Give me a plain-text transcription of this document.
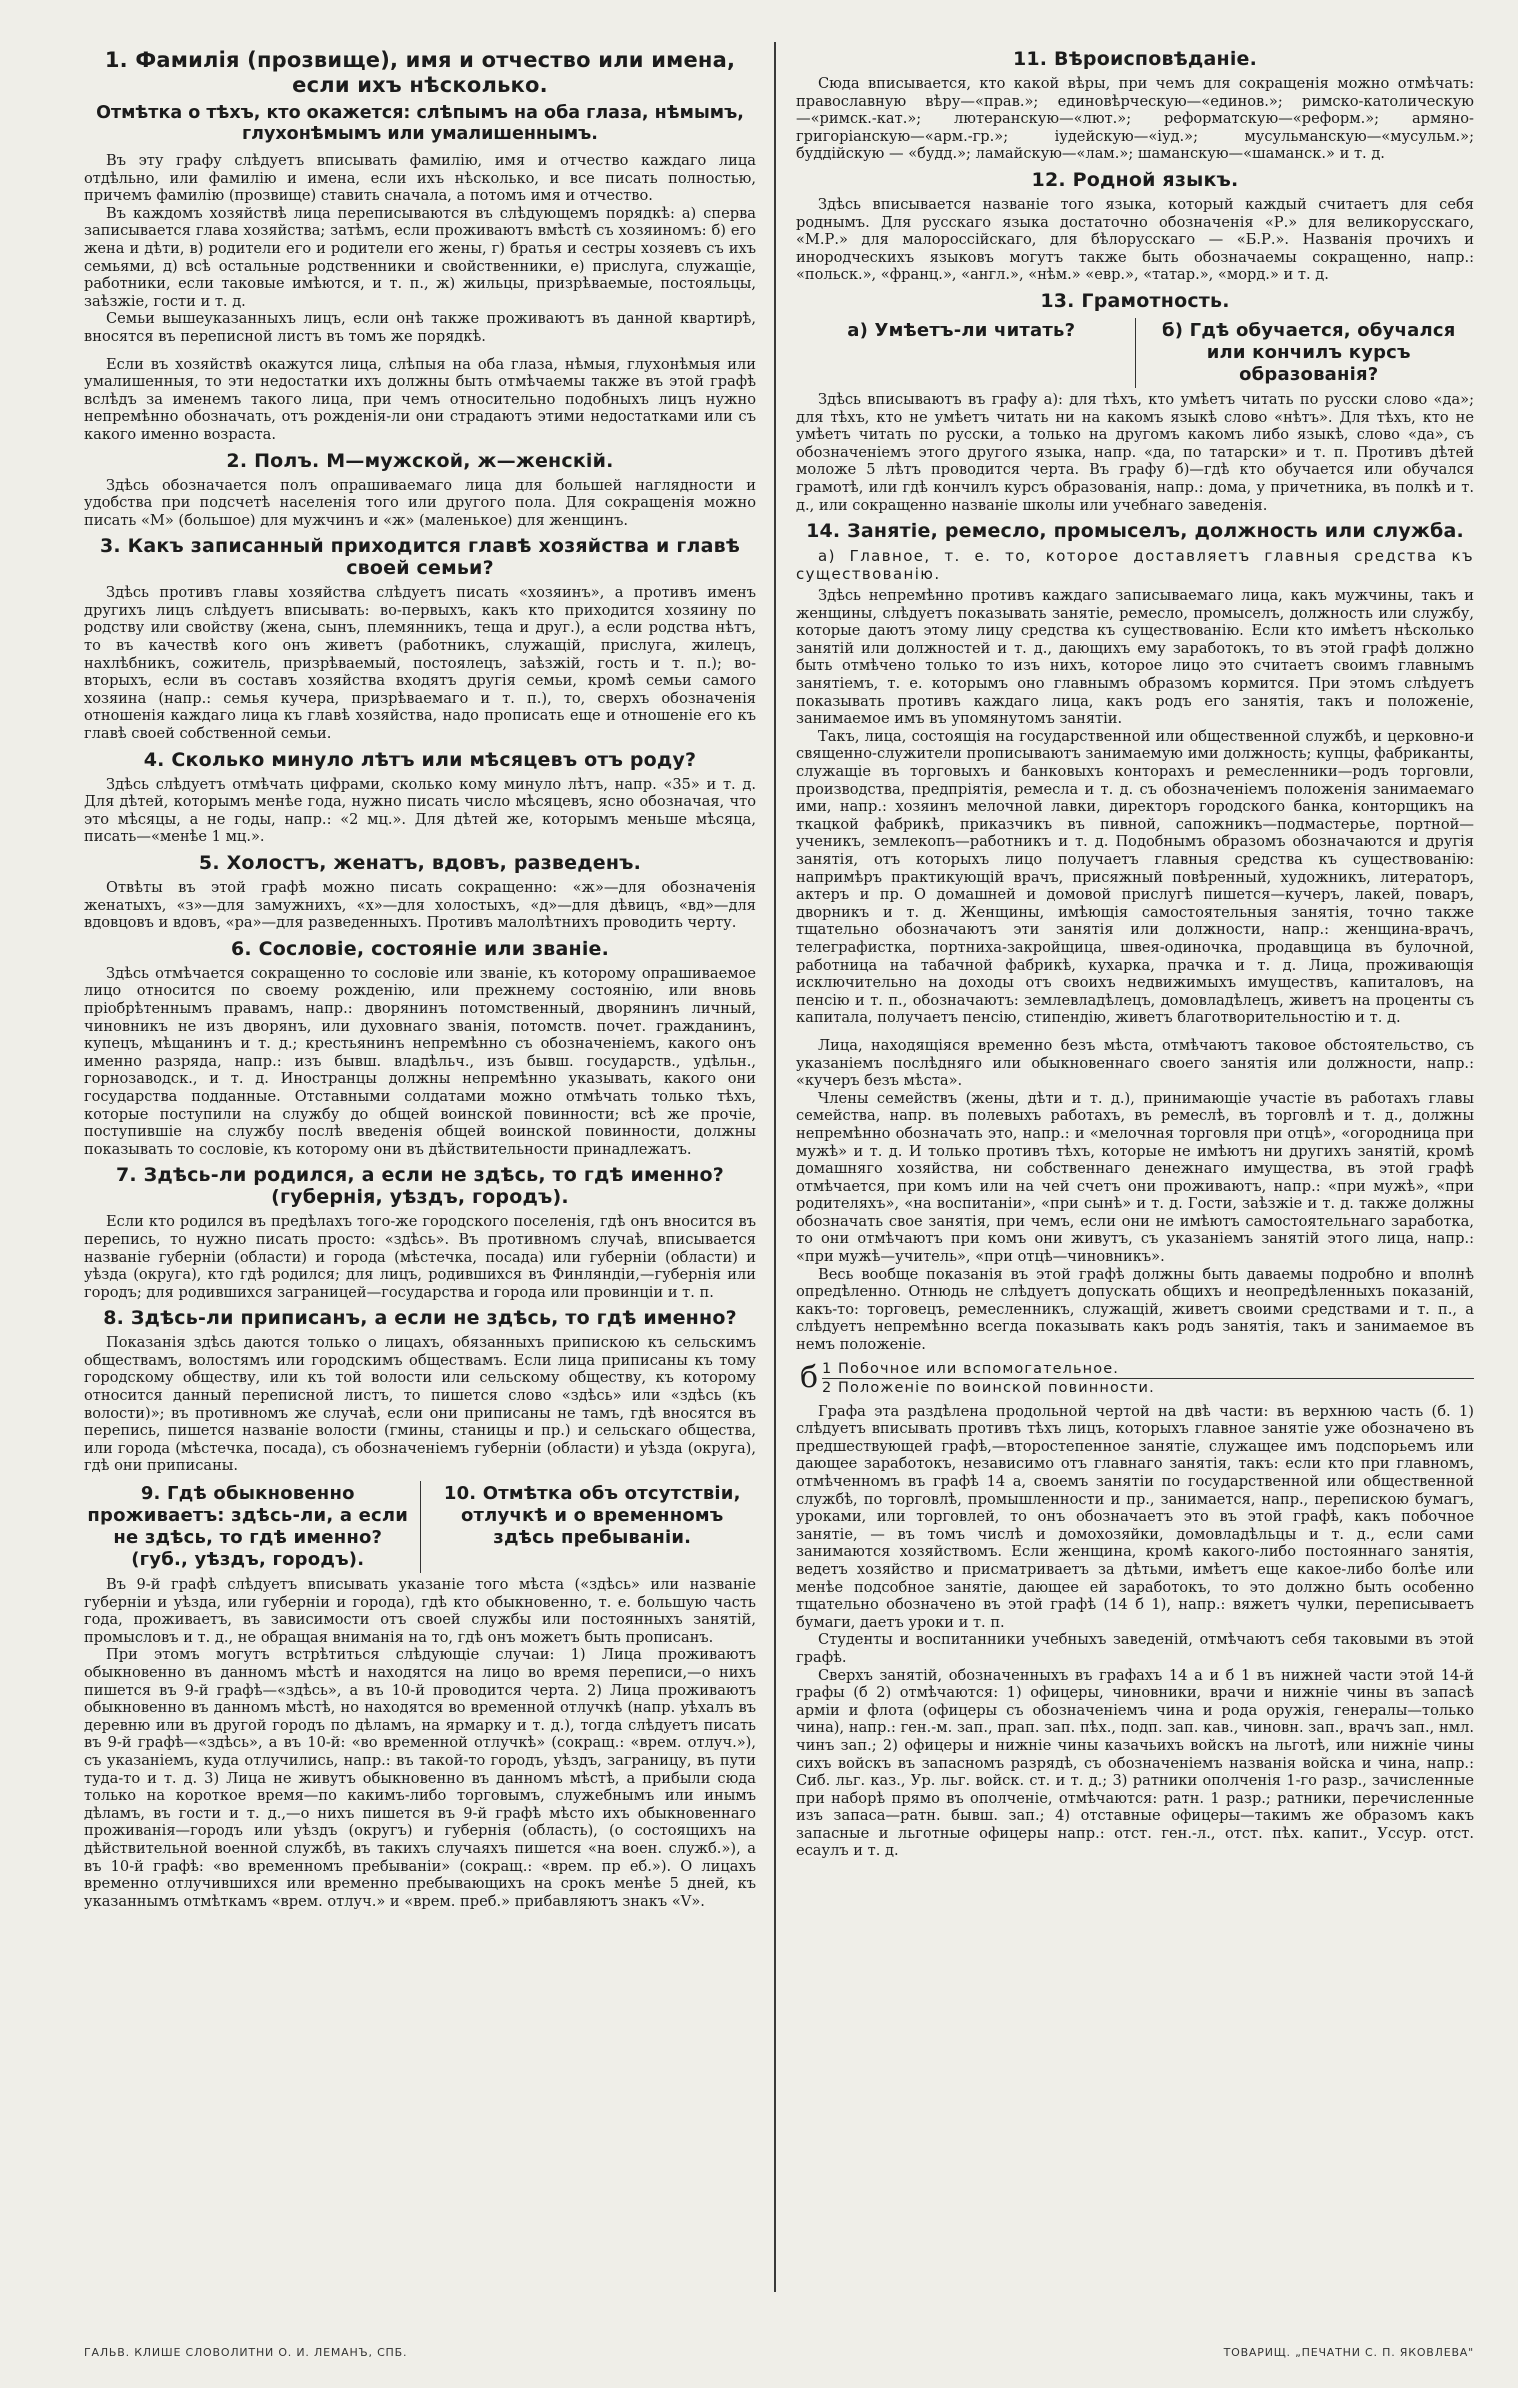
1. Фамилія (прозвище), имя и отчество или имена, если ихъ нѣсколько.
Отмѣтка о тѣхъ, кто окажется: слѣпымъ на оба глаза, нѣмымъ, глухонѣмымъ или умалишеннымъ.

Въ эту графу слѣдуетъ вписывать фамилію, имя и отчество каждаго лица отдѣльно, или фамилію и имена, если ихъ нѣсколько, и все писать полностью, причемъ фамилію (прозвище) ставить сначала, а потомъ имя и отчество.

Въ каждомъ хозяйствѣ лица переписываются въ слѣдующемъ порядкѣ: а) сперва записывается глава хозяйства; затѣмъ, если проживаютъ вмѣстѣ съ хозяиномъ: б) его жена и дѣти, в) родители его и родители его жены, г) братья и сестры хозяевъ съ ихъ семьями, д) всѣ остальные родственники и свойственники, е) прислуга, служащіе, работники, если таковые имѣются, и т. п., ж) жильцы, призрѣваемые, постояльцы, заѣзжіе, гости и т. д.

Семьи вышеуказанныхъ лицъ, если онѣ также проживаютъ въ данной квартирѣ, вносятся въ переписной листъ въ томъ же порядкѣ.

Если въ хозяйствѣ окажутся лица, слѣпыя на оба глаза, нѣмыя, глухонѣмыя или умалишенныя, то эти недостатки ихъ должны быть отмѣчаемы также въ этой графѣ вслѣдъ за именемъ такого лица, при чемъ относительно подобныхъ лицъ нужно непремѣнно обозначать, отъ рожденія-ли они страдаютъ этими недостатками или съ какого именно возраста.

2. Полъ. М—мужской, ж—женскій.

Здѣсь обозначается полъ опрашиваемаго лица для большей наглядности и удобства при подсчетѣ населенія того или другого пола. Для сокращенія можно писать «М» (большое) для мужчинъ и «ж» (маленькое) для женщинъ.

3. Какъ записанный приходится главѣ хозяйства и главѣ своей семьи?

Здѣсь противъ главы хозяйства слѣдуетъ писать «хозяинъ», а противъ именъ другихъ лицъ слѣдуетъ вписывать: во-первыхъ, какъ кто приходится хозяину по родству или свойству (жена, сынъ, племянникъ, теща и друг.), а если родства нѣтъ, то въ качествѣ кого онъ живетъ (работникъ, служащій, прислуга, жилецъ, нахлѣбникъ, сожитель, призрѣваемый, постоялецъ, заѣзжій, гость и т. п.); во-вторыхъ, если въ составъ хозяйства входятъ другія семьи, кромѣ семьи самого хозяина (напр.: семья кучера, призрѣваемаго и т. п.), то, сверхъ обозначенія отношенія каждаго лица къ главѣ хозяйства, надо прописать еще и отношеніе его къ главѣ своей собственной семьи.

4. Сколько минуло лѣтъ или мѣсяцевъ отъ роду?

Здѣсь слѣдуетъ отмѣчать цифрами, сколько кому минуло лѣтъ, напр. «35» и т. д. Для дѣтей, которымъ менѣе года, нужно писать число мѣсяцевъ, ясно обозначая, что это мѣсяцы, а не годы, напр.: «2 мц.». Для дѣтей же, которымъ меньше мѣсяца, писать—«менѣе 1 мц.».

5. Холостъ, женатъ, вдовъ, разведенъ.

Отвѣты въ этой графѣ можно писать сокращенно: «ж»—для обозначенія женатыхъ, «з»—для замужнихъ, «х»—для холостыхъ, «д»—для дѣвицъ, «вд»—для вдовцовъ и вдовъ, «ра»—для разведенныхъ. Противъ малолѣтнихъ проводить черту.

6. Сословіе, состояніе или званіе.

Здѣсь отмѣчается сокращенно то сословіе или званіе, къ которому опрашиваемое лицо относится по своему рожденію, или прежнему состоянію, или вновь пріобрѣтеннымъ правамъ, напр.: дворянинъ потомственный, дворянинъ личный, чиновникъ не изъ дворянъ, или духовнаго званія, потомств. почет. гражданинъ, купецъ, мѣщанинъ и т. д.; крестьянинъ непремѣнно съ обозначеніемъ, какого онъ именно разряда, напр.: изъ бывш. владѣльч., изъ бывш. государств., удѣльн., горнозаводск., и т. д. Иностранцы должны непремѣнно указывать, какого они государства подданные. Отставными солдатами можно отмѣчать только тѣхъ, которые поступили на службу до общей воинской повинности; всѣ же прочіе, поступившіе на службу послѣ введенія общей воинской повинности, должны показывать то сословіе, къ которому они въ дѣйствительности принадлежатъ.

7. Здѣсь-ли родился, а если не здѣсь, то гдѣ именно? (губернія, уѣздъ, городъ).

Если кто родился въ предѣлахъ того-же городского поселенія, гдѣ онъ вносится въ перепись, то нужно писать просто: «здѣсь». Въ противномъ случаѣ, вписывается названіе губерніи (области) и города (мѣстечка, посада) или губерніи (области) и уѣзда (округа), кто гдѣ родился; для лицъ, родившихся въ Финляндіи,—губернія или городъ; для родившихся заграницей—государства и города или провинціи и т. п.

8. Здѣсь-ли приписанъ, а если не здѣсь, то гдѣ именно?

Показанія здѣсь даются только о лицахъ, обязанныхъ припискою къ сельскимъ обществамъ, волостямъ или городскимъ обществамъ. Если лица приписаны къ тому городскому обществу, или къ той волости или сельскому обществу, къ которому относится данный переписной листъ, то пишется слово «здѣсь» или «здѣсь (къ волости)»; въ противномъ же случаѣ, если они приписаны не тамъ, гдѣ вносятся въ перепись, пишется названіе волости (гмины, станицы и пр.) и сельскаго общества, или города (мѣстечка, посада), съ обозначеніемъ губерніи (области) и уѣзда (округа), гдѣ они приписаны.

9. Гдѣ обыкновенно проживаетъ: здѣсь-ли, а если не здѣсь, то гдѣ именно? (губ., уѣздъ, городъ).
10. Отмѣтка объ отсутствіи, отлучкѣ и о временномъ здѣсь пребываніи.

Въ 9-й графѣ слѣдуетъ вписывать указаніе того мѣста («здѣсь» или названіе губерніи и уѣзда, или губерніи и города), гдѣ кто обыкновенно, т. е. большую часть года, проживаетъ, въ зависимости отъ своей службы или постоянныхъ занятій, промысловъ и т. д., не обращая вниманія на то, гдѣ онъ можетъ быть прописанъ.

При этомъ могутъ встрѣтиться слѣдующіе случаи: 1) Лица проживаютъ обыкновенно въ данномъ мѣстѣ и находятся на лицо во время переписи,—о нихъ пишется въ 9-й графѣ—«здѣсь», а въ 10-й проводится черта. 2) Лица проживаютъ обыкновенно въ данномъ мѣстѣ, но находятся во временной отлучкѣ (напр. уѣхалъ въ деревню или въ другой городъ по дѣламъ, на ярмарку и т. д.), тогда слѣдуетъ писать въ 9-й графѣ—«здѣсь», а въ 10-й: «во временной отлучкѣ» (сокращ.: «врем. отлуч.»), съ указаніемъ, куда отлучились, напр.: въ такой-то городъ, уѣздъ, заграницу, въ пути туда-то и т. д. 3) Лица не живутъ обыкновенно въ данномъ мѣстѣ, а прибыли сюда только на короткое время—по какимъ-либо торговымъ, служебнымъ или инымъ дѣламъ, въ гости и т. д.,—о нихъ пишется въ 9-й графѣ мѣсто ихъ обыкновеннаго проживанія—городъ или уѣздъ (округъ) и губернія (область), (о состоящихъ на дѣйствительной военной службѣ, въ такихъ случаяхъ пишется «на воен. служб.»), а въ 10-й графѣ: «во временномъ пребываніи» (сокращ.: «врем. пр еб.»). О лицахъ временно отлучившихся или временно пребывающихъ на срокъ менѣе 5 дней, къ указаннымъ отмѣткамъ «врем. отлуч.» и «врем. преб.» прибавляютъ знакъ «V».

11. Вѣроисповѣданіе.

Сюда вписывается, кто какой вѣры, при чемъ для сокращенія можно отмѣчать: православную вѣру—«прав.»; единовѣрческую—«единов.»; римско-католическую—«римск.-кат.»; лютеранскую—«лют.»; реформатскую—«реформ.»; армяно-григоріанскую—«арм.-гр.»; іудейскую—«іуд.»; мусульманскую—«мусульм.»; буддійскую — «будд.»; ламайскую—«лам.»; шаманскую—«шаманск.» и т. д.

12. Родной языкъ.

Здѣсь вписывается названіе того языка, который каждый считаетъ для себя роднымъ. Для русскаго языка достаточно обозначенія «Р.» для великорусскаго, «М.Р.» для малороссійскаго, для бѣлорусскаго — «Б.Р.». Названія прочихъ и инородческихъ языковъ могутъ также быть обозначаемы сокращенно, напр.: «польск.», «франц.», «англ.», «нѣм.» «евр.», «татар.», «морд.» и т. д.

13. Грамотность.
а) Умѣетъ-ли читать?	б) Гдѣ обучается, обучался или кончилъ курсъ образованія?

Здѣсь вписываютъ въ графу а): для тѣхъ, кто умѣетъ читать по русски слово «да»; для тѣхъ, кто не умѣетъ читать ни на какомъ языкѣ слово «нѣтъ». Для тѣхъ, кто не умѣетъ читать по русски, а только на другомъ какомъ либо языкѣ, слово «да», съ обозначеніемъ этого другого языка, напр. «да, по татарски» и т. п. Противъ дѣтей моложе 5 лѣтъ проводится черта. Въ графу б)—гдѣ кто обучается или обучался грамотѣ, или гдѣ кончилъ курсъ образованія, напр.: дома, у причетника, въ полкѣ и т. д., или сокращенно названіе школы или учебнаго заведенія.

14. Занятіе, ремесло, промыселъ, должность или служба.
а) Главное, т. е. то, которое доставляетъ главныя средства къ существованію.

Здѣсь непремѣнно противъ каждаго записываемаго лица, какъ мужчины, такъ и женщины, слѣдуетъ показывать занятіе, ремесло, промыселъ, должность или службу, которые даютъ этому лицу средства къ существованію. Если кто имѣетъ нѣсколько занятій или должностей и т. д., дающихъ ему заработокъ, то въ этой графѣ должно быть отмѣчено только то изъ нихъ, которое лицо это считаетъ своимъ главнымъ занятіемъ, т. е. которымъ оно главнымъ образомъ кормится. При этомъ слѣдуетъ показывать противъ каждаго лица, какъ родъ его занятія, такъ и положеніе, занимаемое имъ въ упомянутомъ занятіи.

Такъ, лица, состоящія на государственной или общественной службѣ, и церковно-и священно-служители прописываютъ занимаемую ими должность; купцы, фабриканты, служащіе въ торговыхъ и банковыхъ конторахъ и ремесленники—родъ торговли, производства, предпріятія, ремесла и т. д. съ обозначеніемъ положенія занимаемаго ими, напр.: хозяинъ мелочной лавки, директоръ городского банка, конторщикъ на ткацкой фабрикѣ, приказчикъ въ пивной, сапожникъ—подмастерье, портной—ученикъ, землекопъ—работникъ и т. д. Подобнымъ образомъ обозначаются и другія занятія, отъ которыхъ лицо получаетъ главныя средства къ существованію: напримѣръ практикующій врачъ, присяжный повѣренный, художникъ, литераторъ, актеръ и пр. О домашней и домовой прислугѣ пишется—кучеръ, лакей, поваръ, дворникъ и т. д. Женщины, имѣющія самостоятельныя занятія, точно также тщательно обозначаютъ эти занятія или должности, напр.: женщина-врачъ, телеграфистка, портниха-закройщица, швея-одиночка, продавщица въ булочной, работница на табачной фабрикѣ, кухарка, прачка и т. д. Лица, проживающія исключительно на доходы отъ своихъ недвижимыхъ имуществъ, капиталовъ, на пенсію и т. п., обозначаютъ: землевладѣлецъ, домовладѣлецъ, живетъ на проценты съ капитала, получаетъ пенсію, стипендію, живетъ благотворительностію и т. д.

Лица, находящіяся временно безъ мѣста, отмѣчаютъ таковое обстоятельство, съ указаніемъ послѣдняго или обыкновеннаго своего занятія или должности, напр.: «кучеръ безъ мѣста».

Члены семействъ (жены, дѣти и т. д.), принимающіе участіе въ работахъ главы семейства, напр. въ полевыхъ работахъ, въ ремеслѣ, въ торговлѣ и т. д., должны непремѣнно обозначать это, напр.: и «мелочная торговля при отцѣ», «огородница при мужѣ» и т. д. И только противъ тѣхъ, которые не имѣютъ ни другихъ занятій, кромѣ домашняго хозяйства, ни собственнаго денежнаго имущества, въ этой графѣ отмѣчается, при комъ или на чей счетъ они проживаютъ, напр.: «при мужѣ», «при родителяхъ», «на воспитаніи», «при сынѣ» и т. д. Гости, заѣзжіе и т. д. также должны обозначать свое занятія, при чемъ, если они не имѣютъ самостоятельнаго заработка, то они отмѣчаютъ при комъ они живутъ, съ указаніемъ занятій этого лица, напр.: «при мужѣ—учитель», «при отцѣ—чиновникъ».

Весь вообще показанія въ этой графѣ должны быть даваемы подробно и вполнѣ опредѣленно. Отнюдь не слѣдуетъ допускать общихъ и неопредѣленныхъ показаній, какъ-то: торговецъ, ремесленникъ, служащій, живетъ своими средствами и т. п., а слѣдуетъ непремѣнно всегда показывать какъ родъ занятія, такъ и занимаемое въ немъ положеніе.

б 1 Побочное или вспомогательное.
2 Положеніе по воинской повинности.

Графа эта раздѣлена продольной чертой на двѣ части: въ верхнюю часть (б. 1) слѣдуетъ вписывать противъ тѣхъ лицъ, которыхъ главное занятіе уже обозначено въ предшествующей графѣ,—второстепенное занятіе, служащее имъ подспорьемъ или дающее заработокъ, независимо отъ главнаго занятія, такъ: если кто при главномъ, отмѣченномъ въ графѣ 14 а, своемъ занятіи по государственной или общественной службѣ, по торговлѣ, промышленности и пр., занимается, напр., перепискою бумагъ, уроками, или торговлей, то онъ обозначаетъ это въ этой графѣ, какъ побочное занятіе, — въ томъ числѣ и домохозяйки, домовладѣльцы и т. д., если сами занимаются хозяйствомъ. Если женщина, кромѣ какого-либо постояннаго занятія, ведетъ хозяйство и присматриваетъ за дѣтьми, имѣетъ еще какое-либо болѣе или менѣе подсобное занятіе, дающее ей заработокъ, то это должно быть особенно тщательно обозначено въ этой графѣ (14 б 1), напр.: вяжетъ чулки, переписываетъ бумаги, даетъ уроки и т. п.

Студенты и воспитанники учебныхъ заведеній, отмѣчаютъ себя таковыми въ этой графѣ.

Сверхъ занятій, обозначенныхъ въ графахъ 14 а и б 1 въ нижней части этой 14-й графы (б 2) отмѣчаются: 1) офицеры, чиновники, врачи и нижніе чины въ запасѣ арміи и флота (офицеры съ обозначеніемъ чина и рода оружія, генералы—только чина), напр.: ген.-м. зап., прап. зап. пѣх., подп. зап. кав., чиновн. зап., врачъ зап., нмл. чинъ зап.; 2) офицеры и нижніе чины казачьихъ войскъ на льготѣ, или нижніе чины сихъ войскъ въ запасномъ разрядѣ, съ обозначеніемъ названія войска и чина, напр.: Сиб. льг. каз., Ур. льг. войск. ст. и т. д.; 3) ратники ополченія 1-го разр., зачисленные при наборѣ прямо въ ополченіе, отмѣчаются: ратн. 1 разр.; ратники, перечисленные изъ запаса—ратн. бывш. зап.; 4) отставные офицеры—такимъ же образомъ какъ запасные и льготные офицеры напр.: отст. ген.-л., отст. пѣх. капит., Уссур. отст. есаулъ и т. д.

ГАЛЬВ. КЛИШЕ СЛОВОЛИТНИ О. И. ЛЕМАНЪ, СПБ.	ТОВАРИЩ. „ПЕЧАТНИ С. П. ЯКОВЛЕВА"
